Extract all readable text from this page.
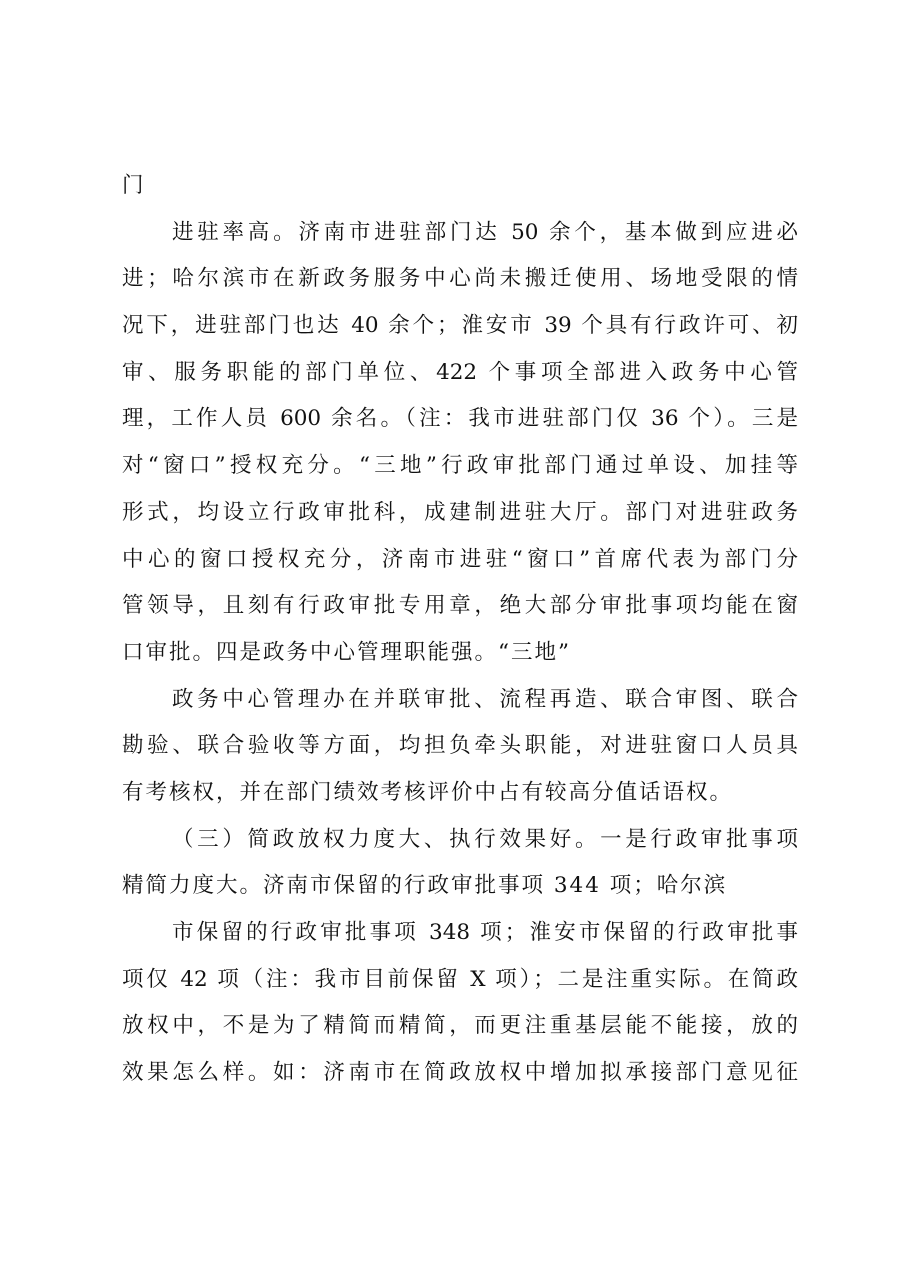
门
进驻率高。济南市进驻部门达 50 余个，基本做到应进必
进；哈尔滨市在新政务服务中心尚未搬迁使用、场地受限的情
况下，进驻部门也达 40 余个；淮安市 39 个具有行政许可、初
审、服务职能的部门单位、422 个事项全部进入政务中心管
理，工作人员 600 余名。（注：我市进驻部门仅 36 个）。三是
对“窗口”授权充分。“三地”行政审批部门通过单设、加挂等
形式，均设立行政审批科，成建制进驻大厅。部门对进驻政务
中心的窗口授权充分，济南市进驻“窗口”首席代表为部门分
管领导，且刻有行政审批专用章，绝大部分审批事项均能在窗
口审批。四是政务中心管理职能强。“三地”
政务中心管理办在并联审批、流程再造、联合审图、联合
勘验、联合验收等方面，均担负牵头职能，对进驻窗口人员具
有考核权，并在部门绩效考核评价中占有较高分值话语权。
（三）简政放权力度大、执行效果好。一是行政审批事项
精简力度大。济南市保留的行政审批事项 344 项；哈尔滨
市保留的行政审批事项 348 项；淮安市保留的行政审批事
项仅 42 项（注：我市目前保留 X 项）；二是注重实际。在简政
放权中，不是为了精简而精简，而更注重基层能不能接，放的
效果怎么样。如：济南市在简政放权中增加拟承接部门意见征
